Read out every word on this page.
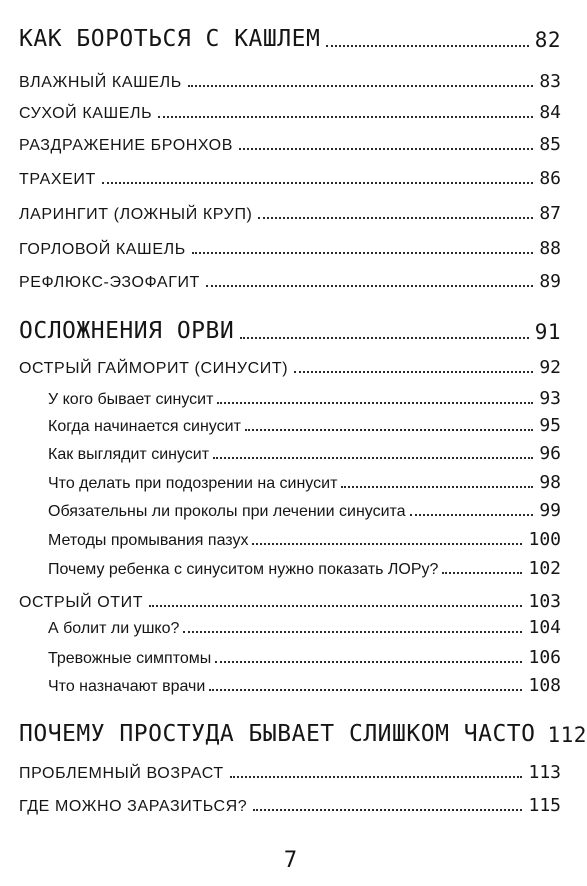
КАК БОРОТЬСЯ С КАШЛЕМ	82
ВЛАЖНЫЙ КАШЕЛЬ	83
СУХОЙ КАШЕЛЬ	84
РАЗДРАЖЕНИЕ БРОНХОВ	85
ТРАХЕИТ	86
ЛАРИНГИТ (ЛОЖНЫЙ КРУП)	87
ГОРЛОВОЙ КАШЕЛЬ	88
РЕФЛЮКС-ЭЗОФАГИТ	89
ОСЛОЖНЕНИЯ ОРВИ	91
ОСТРЫЙ ГАЙМОРИТ (СИНУСИТ)	92
У кого бывает синусит	93
Когда начинается синусит	95
Как выглядит синусит	96
Что делать при подозрении на синусит	98
Обязательны ли проколы при лечении синусита	99
Методы промывания пазух	100
Почему ребенка с синуситом нужно показать ЛОРу?	102
ОСТРЫЙ ОТИТ	103
А болит ли ушко?	104
Тревожные симптомы	106
Что назначают врачи	108
ПОЧЕМУ ПРОСТУДА БЫВАЕТ СЛИШКОМ ЧАСТО 112
ПРОБЛЕМНЫЙ ВОЗРАСТ	113
ГДЕ МОЖНО ЗАРАЗИТЬСЯ?	115
7
